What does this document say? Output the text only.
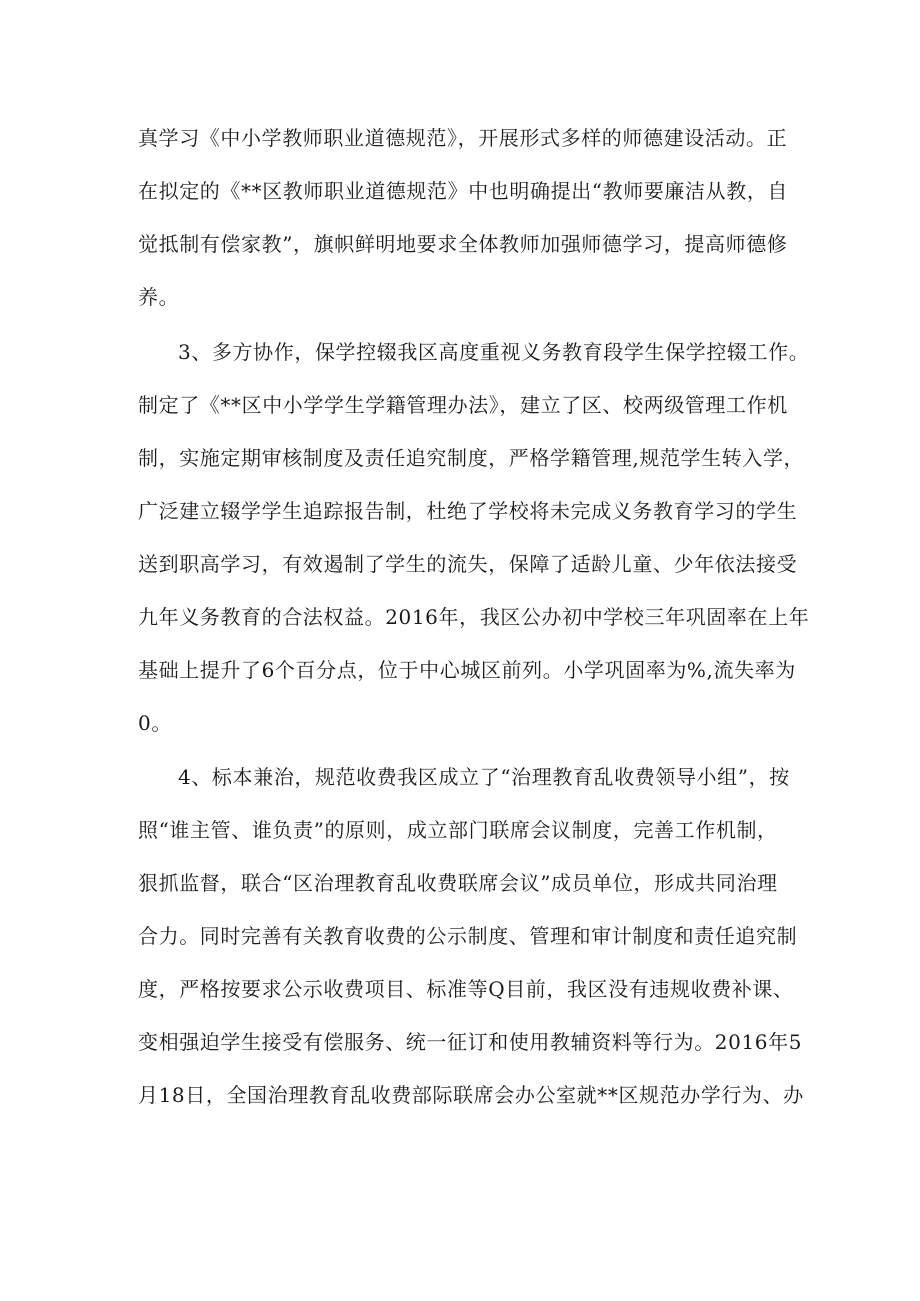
真学习《中小学教师职业道德规范》，开展形式多样的师德建设活动。正
在拟定的《**区教师职业道德规范》中也明确提出“教师要廉洁从教，自
觉抵制有偿家教”，旗帜鲜明地要求全体教师加强师德学习，提高师德修
养。
3、多方协作，保学控辍我区高度重视义务教育段学生保学控辍工作。
制定了《**区中小学学生学籍管理办法》，建立了区、校两级管理工作机
制，实施定期审核制度及责任追究制度，严格学籍管理,规范学生转入学，
广泛建立辍学学生追踪报告制，杜绝了学校将未完成义务教育学习的学生
送到职高学习，有效遏制了学生的流失，保障了适龄儿童、少年依法接受
九年义务教育的合法权益。2016年，我区公办初中学校三年巩固率在上年
基础上提升了6个百分点，位于中心城区前列。小学巩固率为%,流失率为
0。
4、标本兼治，规范收费我区成立了“治理教育乱收费领导小组”，按
照“谁主管、谁负责”的原则，成立部门联席会议制度，完善工作机制，
狠抓监督，联合“区治理教育乱收费联席会议”成员单位，形成共同治理
合力。同时完善有关教育收费的公示制度、管理和审计制度和责任追究制
度，严格按要求公示收费项目、标准等Q目前，我区没有违规收费补课、
变相强迫学生接受有偿服务、统一征订和使用教辅资料等行为。2016年5
月18日，全国治理教育乱收费部际联席会办公室就**区规范办学行为、办
